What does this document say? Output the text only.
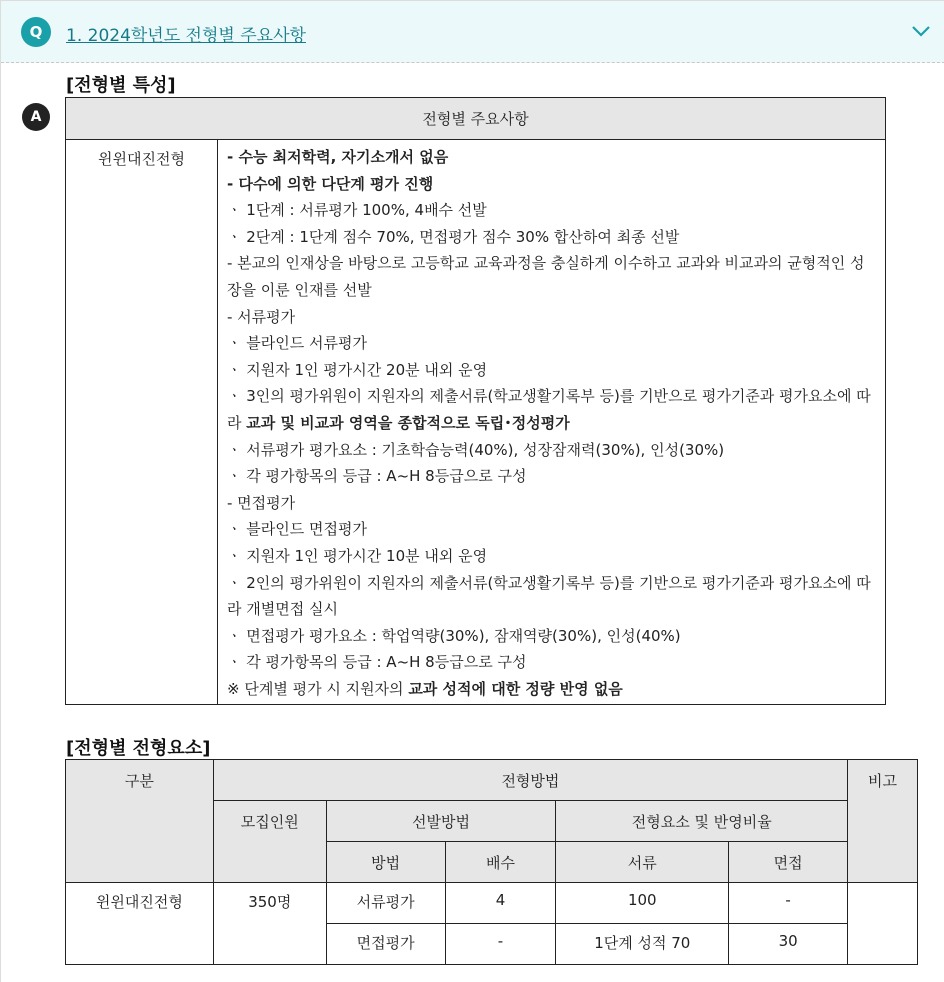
Q	1. 2024학년도 전형별 주요사항
A
[전형별 특성]
전형별 주요사항
윈윈대진전형	- 수능 최저학력, 자기소개서 없음
- 다수에 의한 다단계 평가 진행
ㆍ 1단계 : 서류평가 100%, 4배수 선발
ㆍ 2단계 : 1단계 점수 70%, 면접평가 점수 30% 합산하여 최종 선발
- 본교의 인재상을 바탕으로 고등학교 교육과정을 충실하게 이수하고 교과와 비교과의 균형적인 성장을 이룬 인재를 선발
- 서류평가
ㆍ 블라인드 서류평가
ㆍ 지원자 1인 평가시간 20분 내외 운영
ㆍ 3인의 평가위원이 지원자의 제출서류(학교생활기록부 등)를 기반으로 평가기준과 평가요소에 따라 교과 및 비교과 영역을 종합적으로 독립･정성평가
ㆍ 서류평가 평가요소 : 기초학습능력(40%), 성장잠재력(30%), 인성(30%)
ㆍ 각 평가항목의 등급 : A~H 8등급으로 구성
- 면접평가
ㆍ 블라인드 면접평가
ㆍ 지원자 1인 평가시간 10분 내외 운영
ㆍ 2인의 평가위원이 지원자의 제출서류(학교생활기록부 등)를 기반으로 평가기준과 평가요소에 따라 개별면접 실시
ㆍ 면접평가 평가요소 : 학업역량(30%), 잠재역량(30%), 인성(40%)
ㆍ 각 평가항목의 등급 : A~H 8등급으로 구성
※ 단계별 평가 시 지원자의 교과 성적에 대한 정량 반영 없음
[전형별 전형요소]
구분	전형방법					비고
	모집인원	선발방법		전형요소 및 반영비율		
		방법	배수	서류	면접	
윈윈대진전형	350명	서류평가	4	100	-	
		면접평가	-	1단계 성적 70	30	
